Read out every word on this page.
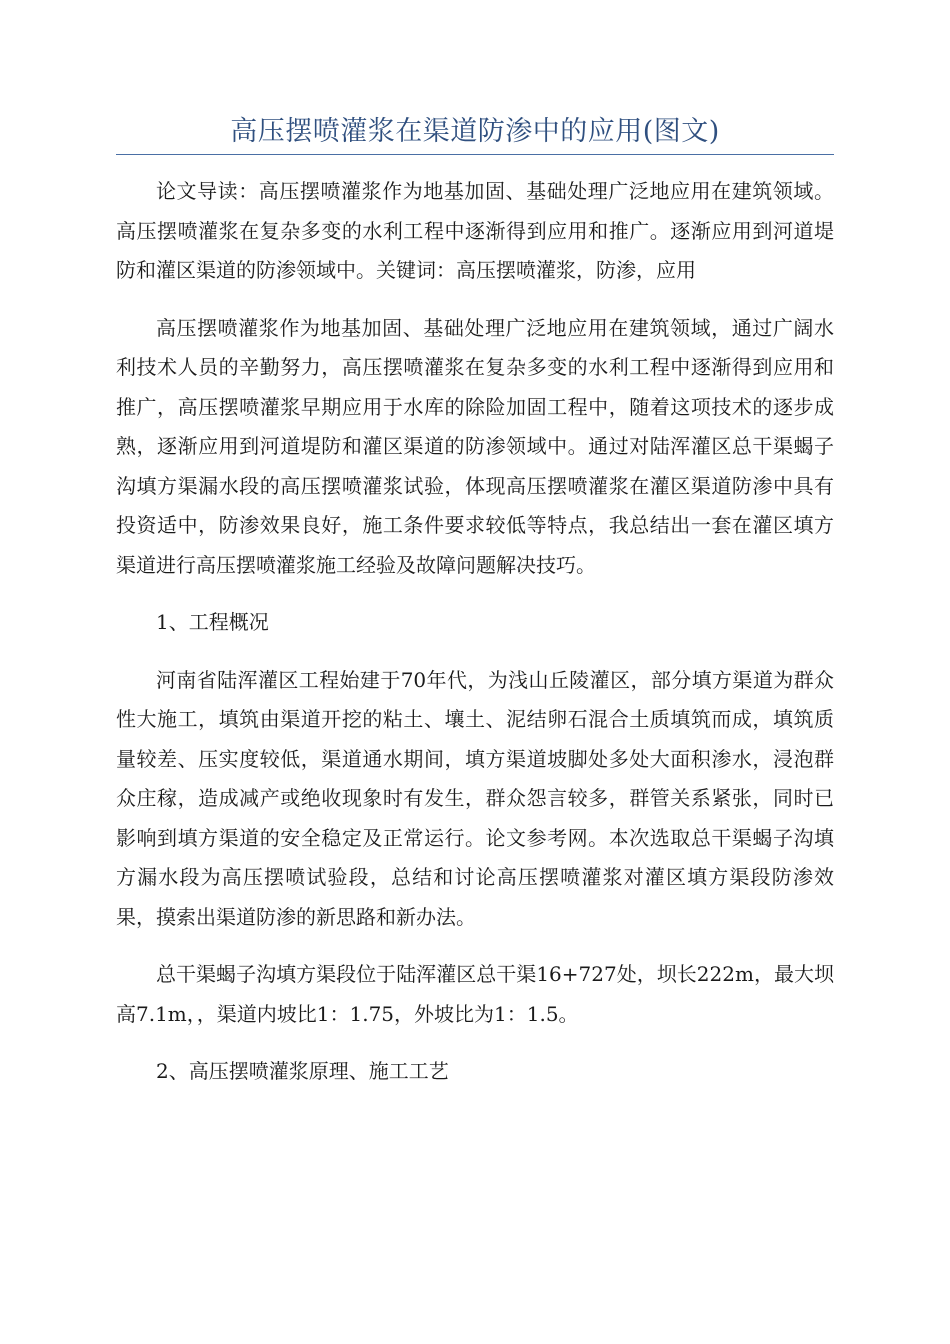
高压摆喷灌浆在渠道防渗中的应用(图文)

论文导读：高压摆喷灌浆作为地基加固、基础处理广泛地应用在建筑领域。高压摆喷灌浆在复杂多变的水利工程中逐渐得到应用和推广。逐渐应用到河道堤防和灌区渠道的防渗领域中。关键词：高压摆喷灌浆，防渗，应用

高压摆喷灌浆作为地基加固、基础处理广泛地应用在建筑领域，通过广阔水利技术人员的辛勤努力，高压摆喷灌浆在复杂多变的水利工程中逐渐得到应用和推广，高压摆喷灌浆早期应用于水库的除险加固工程中，随着这项技术的逐步成熟，逐渐应用到河道堤防和灌区渠道的防渗领域中。通过对陆浑灌区总干渠蝎子沟填方渠漏水段的高压摆喷灌浆试验，体现高压摆喷灌浆在灌区渠道防渗中具有投资适中，防渗效果良好，施工条件要求较低等特点，我总结出一套在灌区填方渠道进行高压摆喷灌浆施工经验及故障问题解决技巧。

1、工程概况

河南省陆浑灌区工程始建于70年代，为浅山丘陵灌区，部分填方渠道为群众性大施工，填筑由渠道开挖的粘土、壤土、泥结卵石混合土质填筑而成，填筑质量较差、压实度较低，渠道通水期间，填方渠道坡脚处多处大面积渗水，浸泡群众庄稼，造成减产或绝收现象时有发生，群众怨言较多，群管关系紧张，同时已影响到填方渠道的安全稳定及正常运行。论文参考网。本次选取总干渠蝎子沟填方漏水段为高压摆喷试验段，总结和讨论高压摆喷灌浆对灌区填方渠段防渗效果，摸索出渠道防渗的新思路和新办法。

总干渠蝎子沟填方渠段位于陆浑灌区总干渠16+727处，坝长222m，最大坝高7.1m，，渠道内坡比1：1.75，外坡比为1：1.5。

2、高压摆喷灌浆原理、施工工艺
